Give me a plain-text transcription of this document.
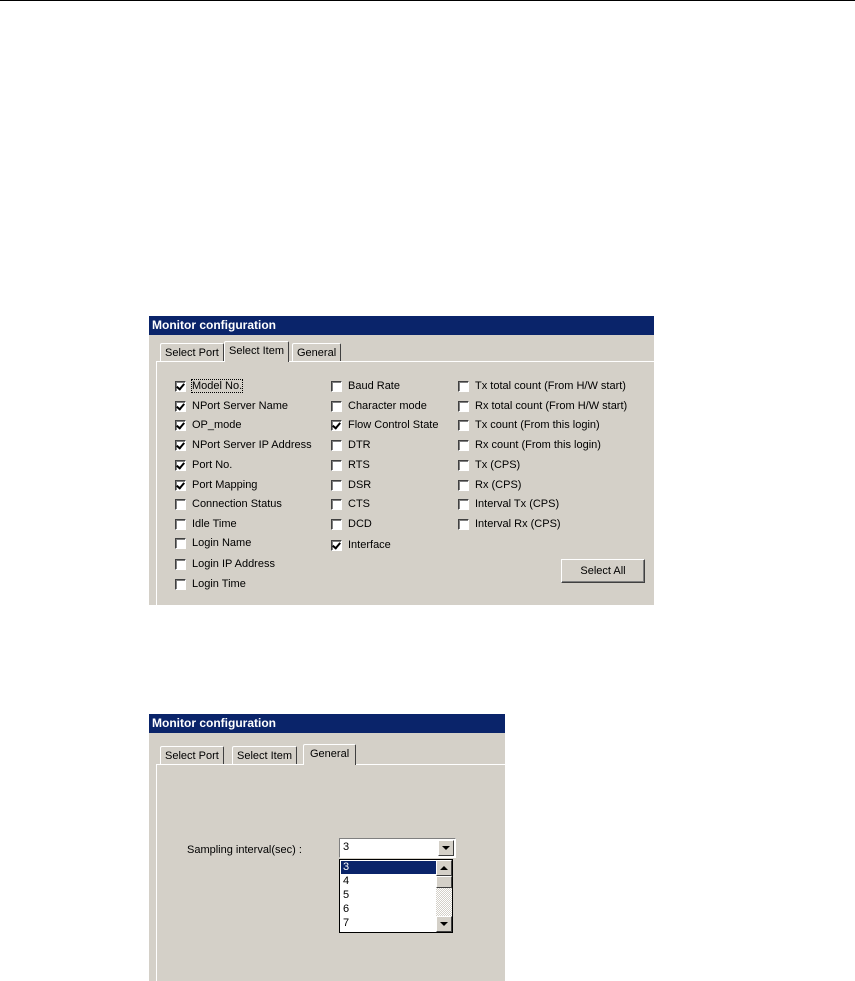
Monitor configuration
Select Port Select Item	General
Model No.
NPort Server Name
OP_mode
NPort Server IP Address
Port No.
Port Mapping
Connection Status
Idle Time
Login Name
Login IP Address
Login Time
Baud Rate
Character mode
Flow Control State
DTR
RTS
DSR
CTS
DCD
Interface
Tx total count (From H/W start)
Rx total count (From H/W start)
Tx count (From this login)
Rx count (From this login)
Tx (CPS)
Rx (CPS)
Interval Tx (CPS)
Interval Rx (CPS)
Select All
Monitor configuration
Select Port	Select Item	General
Sampling interval(sec) :	3
3
4
5
6
7
